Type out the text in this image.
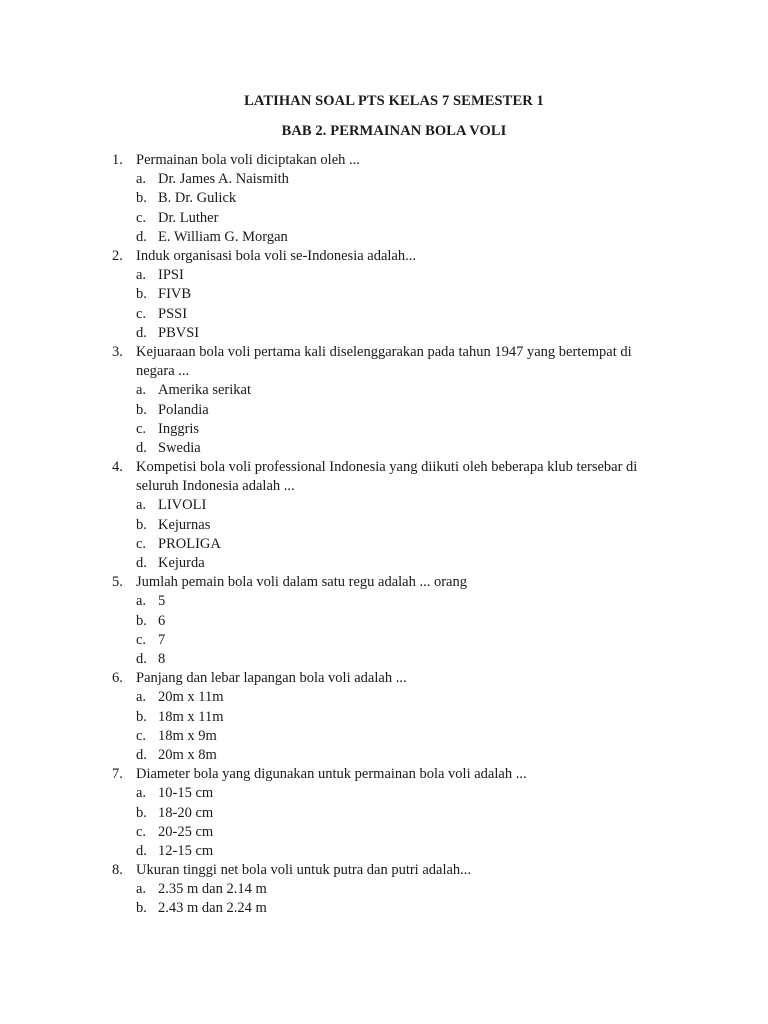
LATIHAN SOAL PTS KELAS 7 SEMESTER 1
BAB 2. PERMAINAN BOLA VOLI
1. Permainan bola voli diciptakan oleh ...
a. Dr. James A. Naismith
b. B. Dr. Gulick
c. Dr. Luther
d. E. William G. Morgan
2. Induk organisasi bola voli se-Indonesia adalah...
a. IPSI
b. FIVB
c. PSSI
d. PBVSI
3. Kejuaraan bola voli pertama kali diselenggarakan pada tahun 1947 yang bertempat di negara ...
a. Amerika serikat
b. Polandia
c. Inggris
d. Swedia
4. Kompetisi bola voli professional Indonesia yang diikuti oleh beberapa klub tersebar di seluruh Indonesia adalah ...
a. LIVOLI
b. Kejurnas
c. PROLIGA
d. Kejurda
5. Jumlah pemain bola voli dalam satu regu adalah ... orang
a. 5
b. 6
c. 7
d. 8
6. Panjang dan lebar lapangan bola voli adalah ...
a. 20m x 11m
b. 18m x 11m
c. 18m x 9m
d. 20m x 8m
7. Diameter bola yang digunakan untuk permainan bola voli adalah ...
a. 10-15 cm
b. 18-20 cm
c. 20-25 cm
d. 12-15 cm
8. Ukuran tinggi net bola voli untuk putra dan putri adalah...
a. 2.35 m dan 2.14 m
b. 2.43 m dan 2.24 m
